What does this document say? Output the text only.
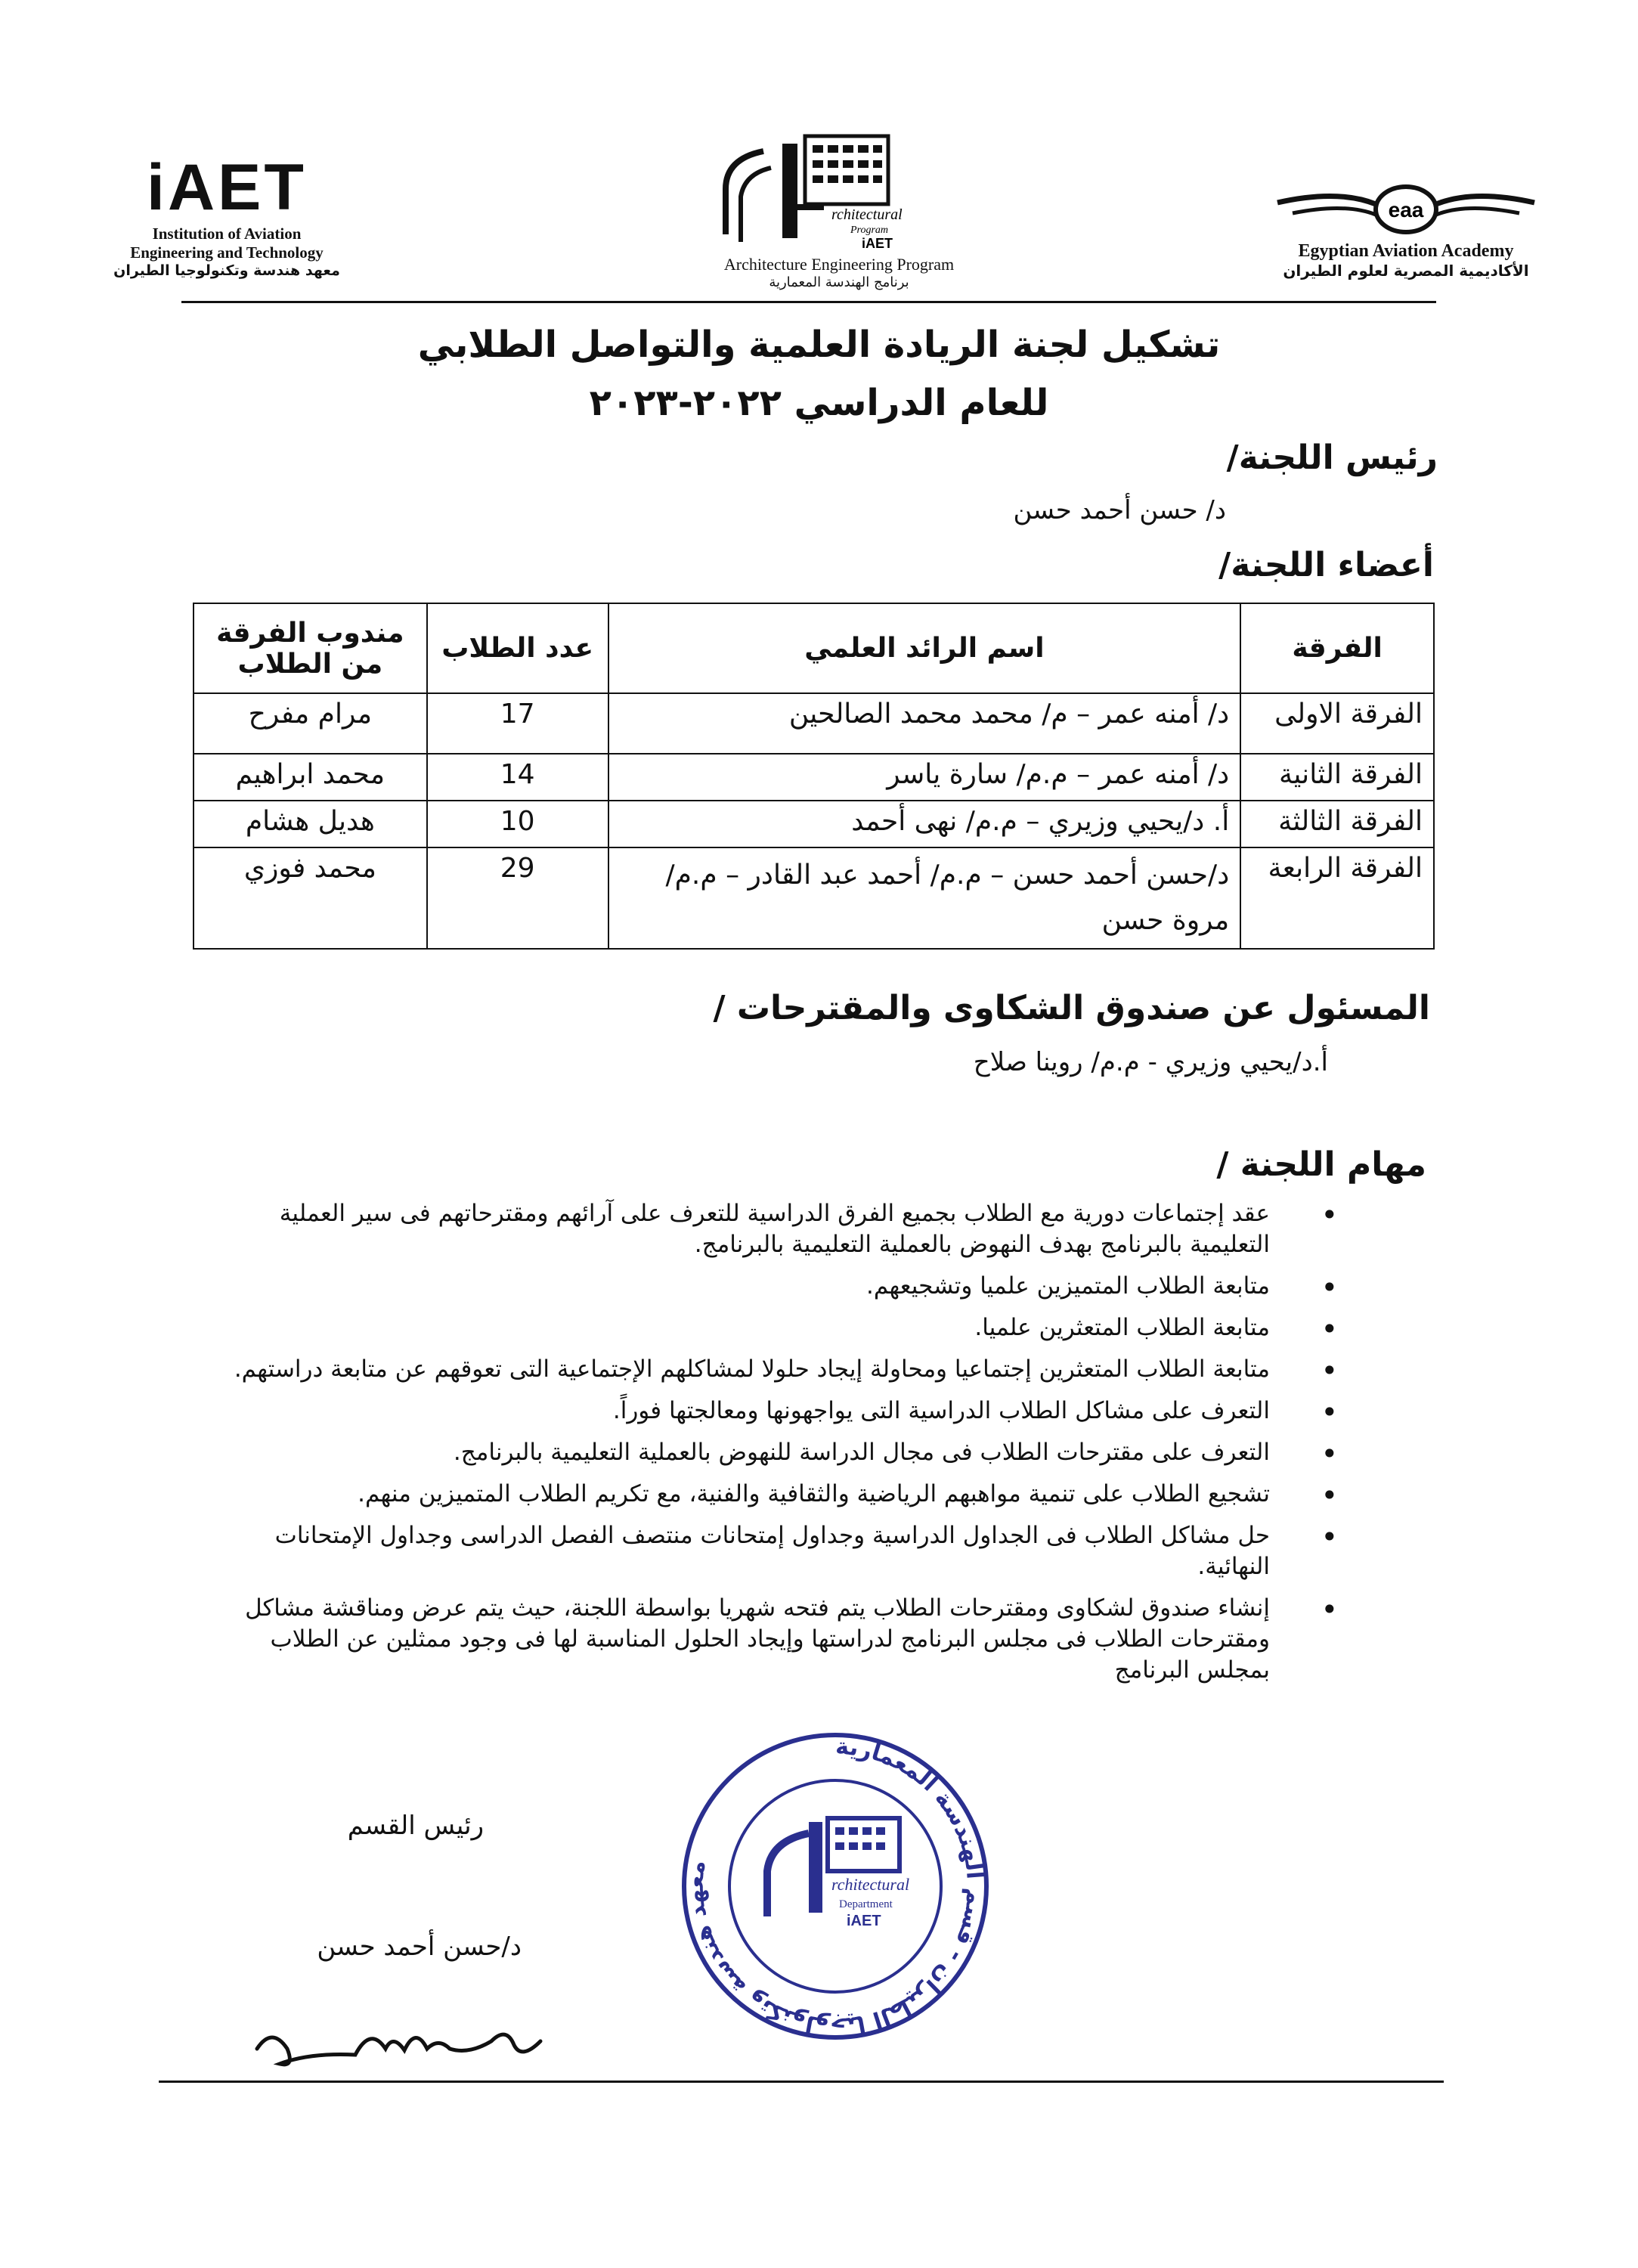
iAET
Institution of Aviation
Engineering and Technology
معهد هندسة وتكنولوجيا الطيران
rchitectural
Program
iAET
Architecture Engineering Program
برنامج الهندسة المعمارية
eaa
Egyptian Aviation Academy
الأكاديمية المصرية لعلوم الطيران
تشكيل لجنة الريادة العلمية والتواصل الطلابي
للعام الدراسي ٢٠٢٢-٢٠٢٣
رئيس اللجنة/
د/ حسن أحمد حسن
أعضاء اللجنة/
الفرقة	اسم الرائد العلمي	عدد الطلاب	مندوب الفرقة من الطلاب
الفرقة الاولى	د/ أمنه عمر – م/ محمد محمد الصالحين	17	مرام مفرح
الفرقة الثانية	د/ أمنه عمر – م.م/ سارة ياسر	14	محمد ابراهيم
الفرقة الثالثة	أ. د/يحيي وزيري – م.م/ نهى أحمد	10	هديل هشام
الفرقة الرابعة	د/حسن أحمد حسن – م.م/ أحمد عبد القادر – م.م/ مروة حسن	29	محمد فوزي
المسئول عن صندوق الشكاوى والمقترحات /
أ.د/يحيي وزيري - م.م/ روينا صلاح
مهام اللجنة /
• عقد إجتماعات دورية مع الطلاب بجميع الفرق الدراسية للتعرف على آرائهم ومقترحاتهم فى سير العملية التعليمية بالبرنامج بهدف النهوض بالعملية التعليمية بالبرنامج.
• متابعة الطلاب المتميزين علميا وتشجيعهم.
• متابعة الطلاب المتعثرين علميا.
• متابعة الطلاب المتعثرين إجتماعيا ومحاولة إيجاد حلولا لمشاكلهم الإجتماعية التى تعوقهم عن متابعة دراستهم.
• التعرف على مشاكل الطلاب الدراسية التى يواجهونها ومعالجتها فوراً.
• التعرف على مقترحات الطلاب فى مجال الدراسة للنهوض بالعملية التعليمية بالبرنامج.
• تشجيع الطلاب على تنمية مواهبهم الرياضية والثقافية والفنية، مع تكريم الطلاب المتميزين منهم.
• حل مشاكل الطلاب فى الجداول الدراسية وجداول إمتحانات منتصف الفصل الدراسى وجداول الإمتحانات النهائية.
• إنشاء صندوق لشكاوى ومقترحات الطلاب يتم فتحه شهريا بواسطة اللجنة، حيث يتم عرض ومناقشة مشاكل ومقترحات الطلاب فى مجلس البرنامج لدراستها وإيجاد الحلول المناسبة لها فى وجود ممثلين عن الطلاب بمجلس البرنامج
رئيس القسم
د/حسن أحمد حسن
معهد هندسة وتكنولوجيا الطيران - قسم الهندسة المعمارية
rchitectural
Department
iAET
